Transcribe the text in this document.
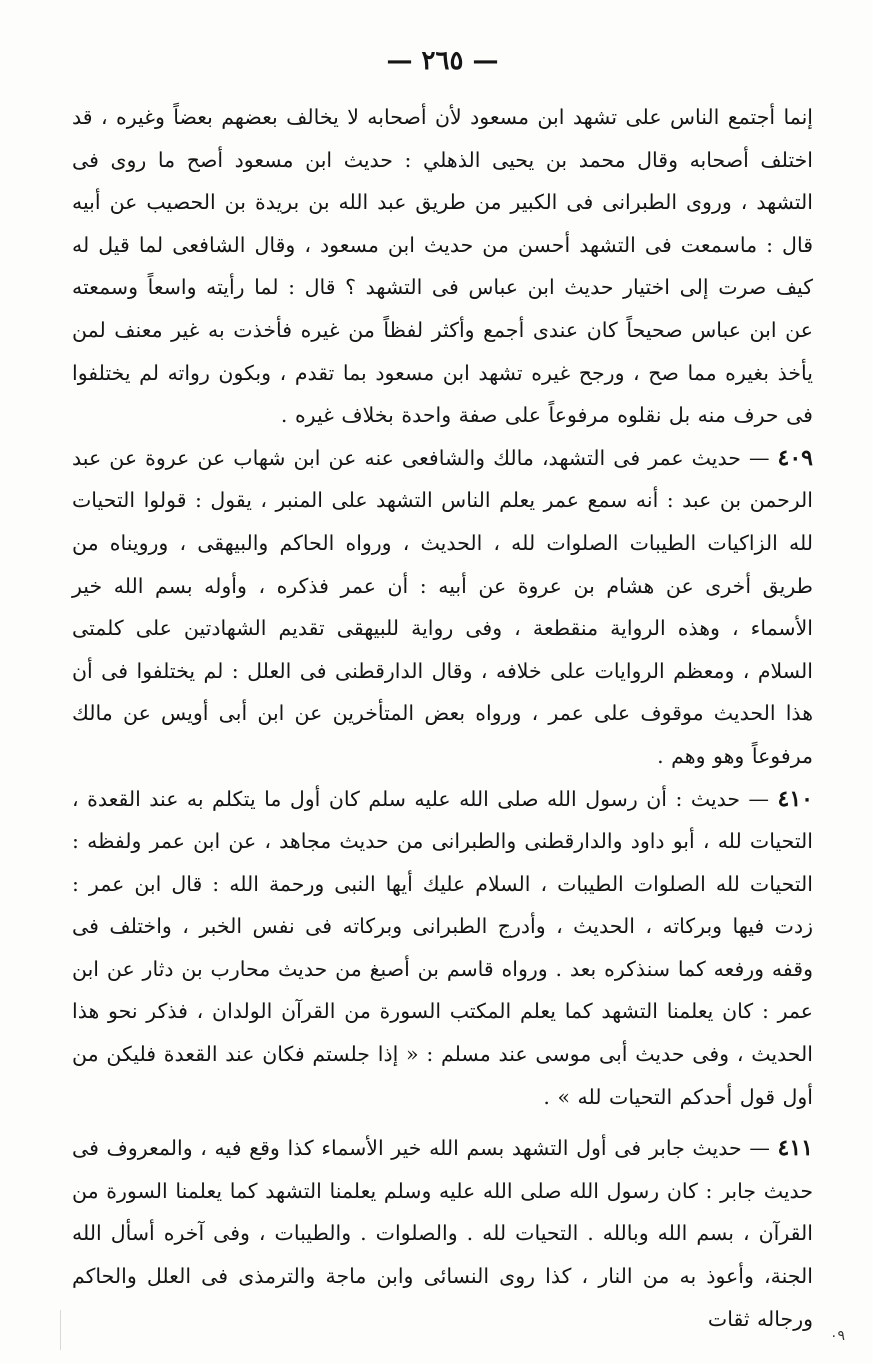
— ٢٦٥ —

إنما أجتمع الناس على تشهد ابن مسعود لأن أصحابه لا يخالف بعضهم بعضاً وغيره ، قد اختلف أصحابه وقال محمد بن يحيى الذهلي : حديث ابن مسعود أصح ما روى فى التشهد ، وروى الطبرانى فى الكبير من طريق عبد الله بن بريدة بن الحصيب عن أبيه قال : ماسمعت فى التشهد أحسن من حديث ابن مسعود ، وقال الشافعى لما قيل له كيف صرت إلى اختيار حديث ابن عباس فى التشهد ؟ قال : لما رأيته واسعاً وسمعته عن ابن عباس صحيحاً كان عندى أجمع وأكثر لفظاً من غيره فأخذت به غير معنف لمن يأخذ بغيره مما صح ، ورجح غيره تشهد ابن مسعود بما تقدم ، وبكون رواته لم يختلفوا فى حرف منه بل نقلوه مرفوعاً على صفة واحدة بخلاف غيره .

٤٠٩ — حديث عمر فى التشهد، مالك والشافعى عنه عن ابن شهاب عن عروة عن عبد الرحمن بن عبد : أنه سمع عمر يعلم الناس التشهد على المنبر ، يقول : قولوا التحيات لله الزاكيات الطيبات الصلوات لله ، الحديث ، ورواه الحاكم والبيهقى ، ورويناه من طريق أخرى عن هشام بن عروة عن أبيه : أن عمر فذكره ، وأوله بسم الله خير الأسماء ، وهذه الرواية منقطعة ، وفى رواية للبيهقى تقديم الشهادتين على كلمتى السلام ، ومعظم الروايات على خلافه ، وقال الدارقطنى فى العلل : لم يختلفوا فى أن هذا الحديث موقوف على عمر ، ورواه بعض المتأخرين عن ابن أبى أويس عن مالك مرفوعاً وهو وهم .

٤١٠ — حديث : أن رسول الله صلى الله عليه سلم كان أول ما يتكلم به عند القعدة ، التحيات لله ، أبو داود والدارقطنى والطبرانى من حديث مجاهد ، عن ابن عمر ولفظه : التحيات لله الصلوات الطيبات ، السلام عليك أيها النبى ورحمة الله : قال ابن عمر : زدت فيها وبركاته ، الحديث ، وأدرج الطبرانى وبركاته فى نفس الخبر ، واختلف فى وقفه ورفعه كما سنذكره بعد . ورواه قاسم بن أصبغ من حديث محارب بن دثار عن ابن عمر : كان يعلمنا التشهد كما يعلم المكتب السورة من القرآن الولدان ، فذكر نحو هذا الحديث ، وفى حديث أبى موسى عند مسلم : « إذا جلستم فكان عند القعدة فليكن من أول قول أحدكم التحيات لله » .

٤١١ — حديث جابر فى أول التشهد بسم الله خير الأسماء كذا وقع فيه ، والمعروف فى حديث جابر : كان رسول الله صلى الله عليه وسلم يعلمنا التشهد كما يعلمنا السورة من القرآن ، بسم الله وبالله . التحيات لله . والصلوات . والطيبات ، وفى آخره أسأل الله الجنة، وأعوذ به من النار ، كذا روى النسائى وابن ماجة والترمذى فى العلل والحاكم ورجاله ثقات

٠٩
